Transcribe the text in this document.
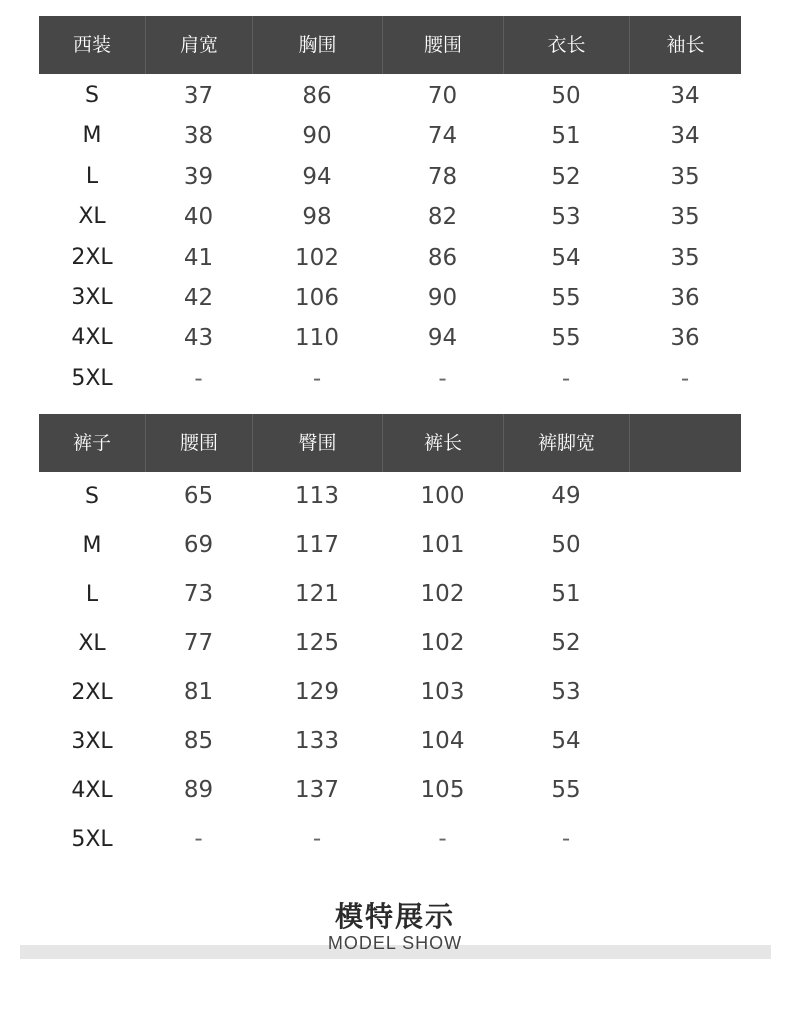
西装	肩宽	胸围	腰围	衣长	袖长
S	37	86	70	50	34
M	38	90	74	51	34
L	39	94	78	52	35
XL	40	98	82	53	35
2XL	41	102	86	54	35
3XL	42	106	90	55	36
4XL	43	110	94	55	36
5XL	-	-	-	-	-
裤子	腰围	臀围	裤长	裤脚宽
S	65	113	100	49
M	69	117	101	50
L	73	121	102	51
XL	77	125	102	52
2XL	81	129	103	53
3XL	85	133	104	54
4XL	89	137	105	55
5XL	-	-	-	-
模特展示
MODEL SHOW
